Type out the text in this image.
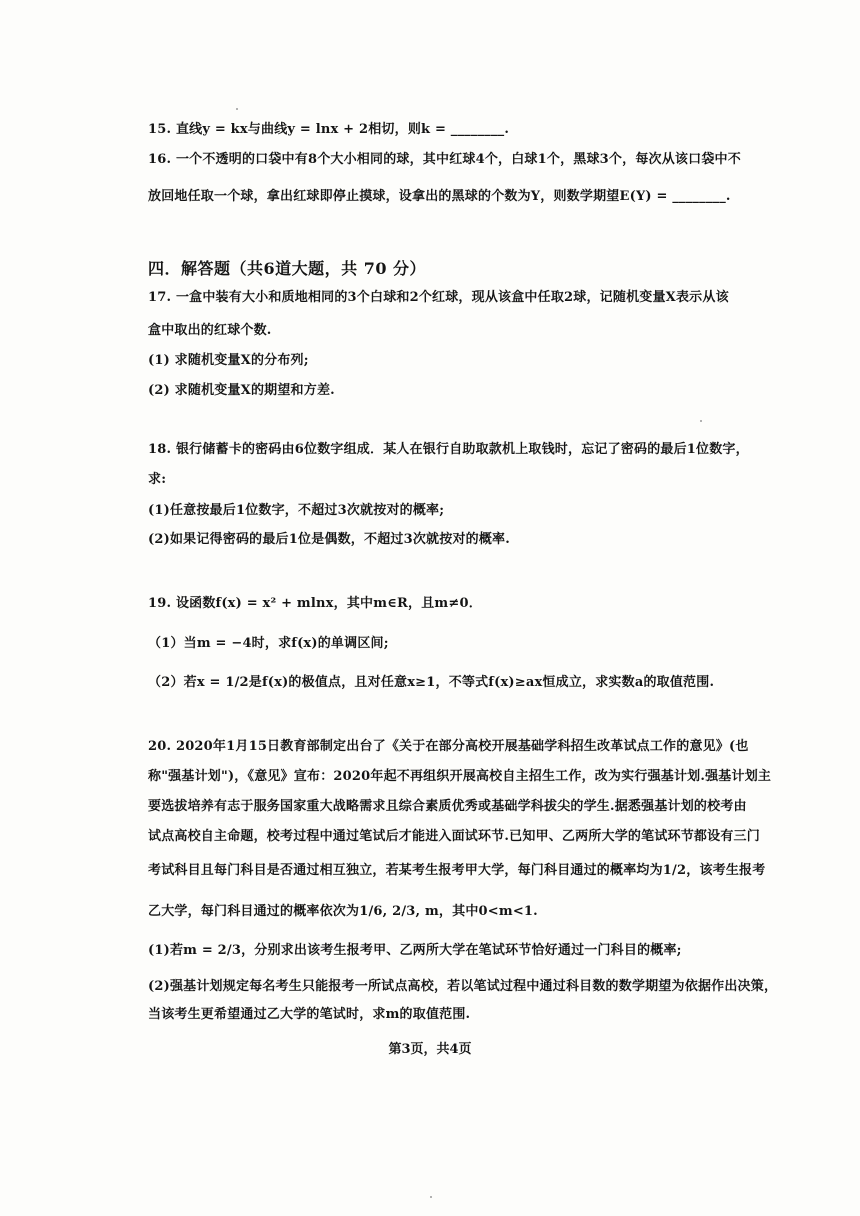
15. 直线y = kx与曲线y = lnx + 2相切，则k = ________.
16. 一个不透明的口袋中有8个大小相同的球，其中红球4个，白球1个，黑球3个，每次从该口袋中不
放回地任取一个球，拿出红球即停止摸球，设拿出的黑球的个数为Y，则数学期望E(Y) = ________.
四．解答题（共6道大题，共 70 分）
17. 一盒中装有大小和质地相同的3个白球和2个红球，现从该盒中任取2球，记随机变量X表示从该
盒中取出的红球个数.
(1) 求随机变量X的分布列;
(2) 求随机变量X的期望和方差.
18. 银行储蓄卡的密码由6位数字组成．某人在银行自助取款机上取钱时，忘记了密码的最后1位数字，
求:
(1)任意按最后1位数字，不超过3次就按对的概率;
(2)如果记得密码的最后1位是偶数，不超过3次就按对的概率.
19. 设函数f(x) = x² + mlnx，其中m∈R，且m≠0．
（1）当m = −4时，求f(x)的单调区间;
（2）若x = 1/2是f(x)的极值点，且对任意x≥1，不等式f(x)≥ax恒成立，求实数a的取值范围.
20. 2020年1月15日教育部制定出台了《关于在部分高校开展基础学科招生改革试点工作的意见》(也
称"强基计划")，《意见》宣布：2020年起不再组织开展高校自主招生工作，改为实行强基计划.强基计划主
要选拔培养有志于服务国家重大战略需求且综合素质优秀或基础学科拔尖的学生.据悉强基计划的校考由
试点高校自主命题，校考过程中通过笔试后才能进入面试环节.已知甲、乙两所大学的笔试环节都设有三门
考试科目且每门科目是否通过相互独立，若某考生报考甲大学，每门科目通过的概率均为1/2，该考生报考
乙大学，每门科目通过的概率依次为1/6, 2/3, m，其中0<m<1.
(1)若m = 2/3，分别求出该考生报考甲、乙两所大学在笔试环节恰好通过一门科目的概率;
(2)强基计划规定每名考生只能报考一所试点高校，若以笔试过程中通过科目数的数学期望为依据作出决策，
当该考生更希望通过乙大学的笔试时，求m的取值范围.
第3页，共4页
